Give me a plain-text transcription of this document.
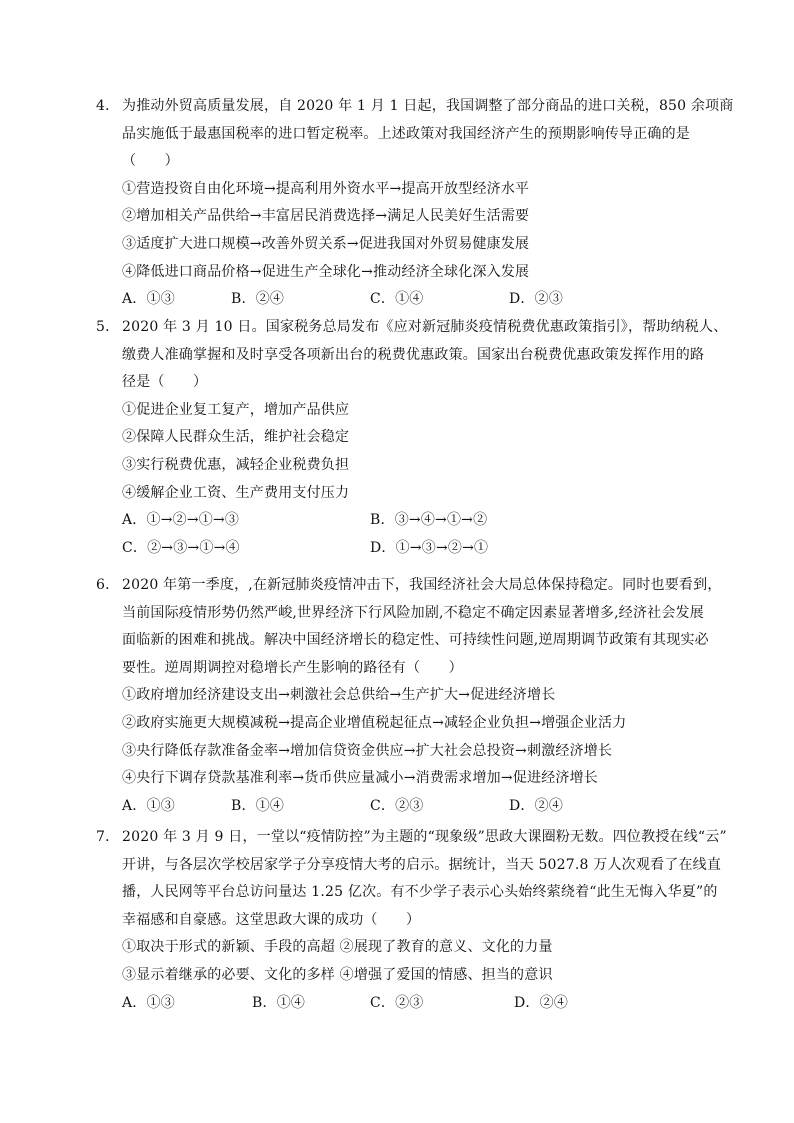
4． 为推动外贸高质量发展，自 2020 年 1 月 1 日起，我国调整了部分商品的进口关税，850 余项商
品实施低于最惠国税率的进口暂定税率。上述政策对我国经济产生的预期影响传导正确的是
（　　）
①营造投资自由化环境→提高利用外资水平→提高开放型经济水平
②增加相关产品供给→丰富居民消费选择→满足人民美好生活需要
③适度扩大进口规模→改善外贸关系→促进我国对外贸易健康发展
④降低进口商品价格→促进生产全球化→推动经济全球化深入发展
A．①③	B．②④	C．①④	D．②③
5． 2020 年 3 月 10 日。国家税务总局发布《应对新冠肺炎疫情税费优惠政策指引》，帮助纳税人、
缴费人准确掌握和及时享受各项新出台的税费优惠政策。国家出台税费优惠政策发挥作用的路
径是（　　）
①促进企业复工复产，增加产品供应
②保障人民群众生活，维护社会稳定
③实行税费优惠，减轻企业税费负担
④缓解企业工资、生产费用支付压力
A．①→②→①→③	B．③→④→①→②
C．②→③→①→④	D．①→③→②→①
6． 2020 年第一季度，,在新冠肺炎疫情冲击下，我国经济社会大局总体保持稳定。同时也要看到，
当前国际疫情形势仍然严峻,世界经济下行风险加剧,不稳定不确定因素显著增多,经济社会发展
面临新的困难和挑战。解决中国经济增长的稳定性、可持续性问题,逆周期调节政策有其现实必
要性。逆周期调控对稳增长产生影响的路径有（　　）
①政府增加经济建设支出→刺激社会总供给→生产扩大→促进经济增长
②政府实施更大规模减税→提高企业增值税起征点→减轻企业负担→增强企业活力
③央行降低存款准备金率→增加信贷资金供应→扩大社会总投资→刺激经济增长
④央行下调存贷款基准利率→货币供应量减小→消费需求增加→促进经济增长
A．①③	B．①④	C．②③	D．②④
7． 2020 年 3 月 9 日，一堂以“疫情防控”为主题的“现象级”思政大课圈粉无数。四位教授在线“云”
开讲，与各层次学校居家学子分享疫情大考的启示。据统计，当天 5027.8 万人次观看了在线直
播，人民网等平台总访问量达 1.25 亿次。有不少学子表示心头始终萦绕着“此生无悔入华夏”的
幸福感和自豪感。这堂思政大课的成功（　　）
①取决于形式的新颖、手段的高超 ②展现了教育的意义、文化的力量
③显示着继承的必要、文化的多样 ④增强了爱国的情感、担当的意识
A．①③	B．①④	C．②③	D．②④
